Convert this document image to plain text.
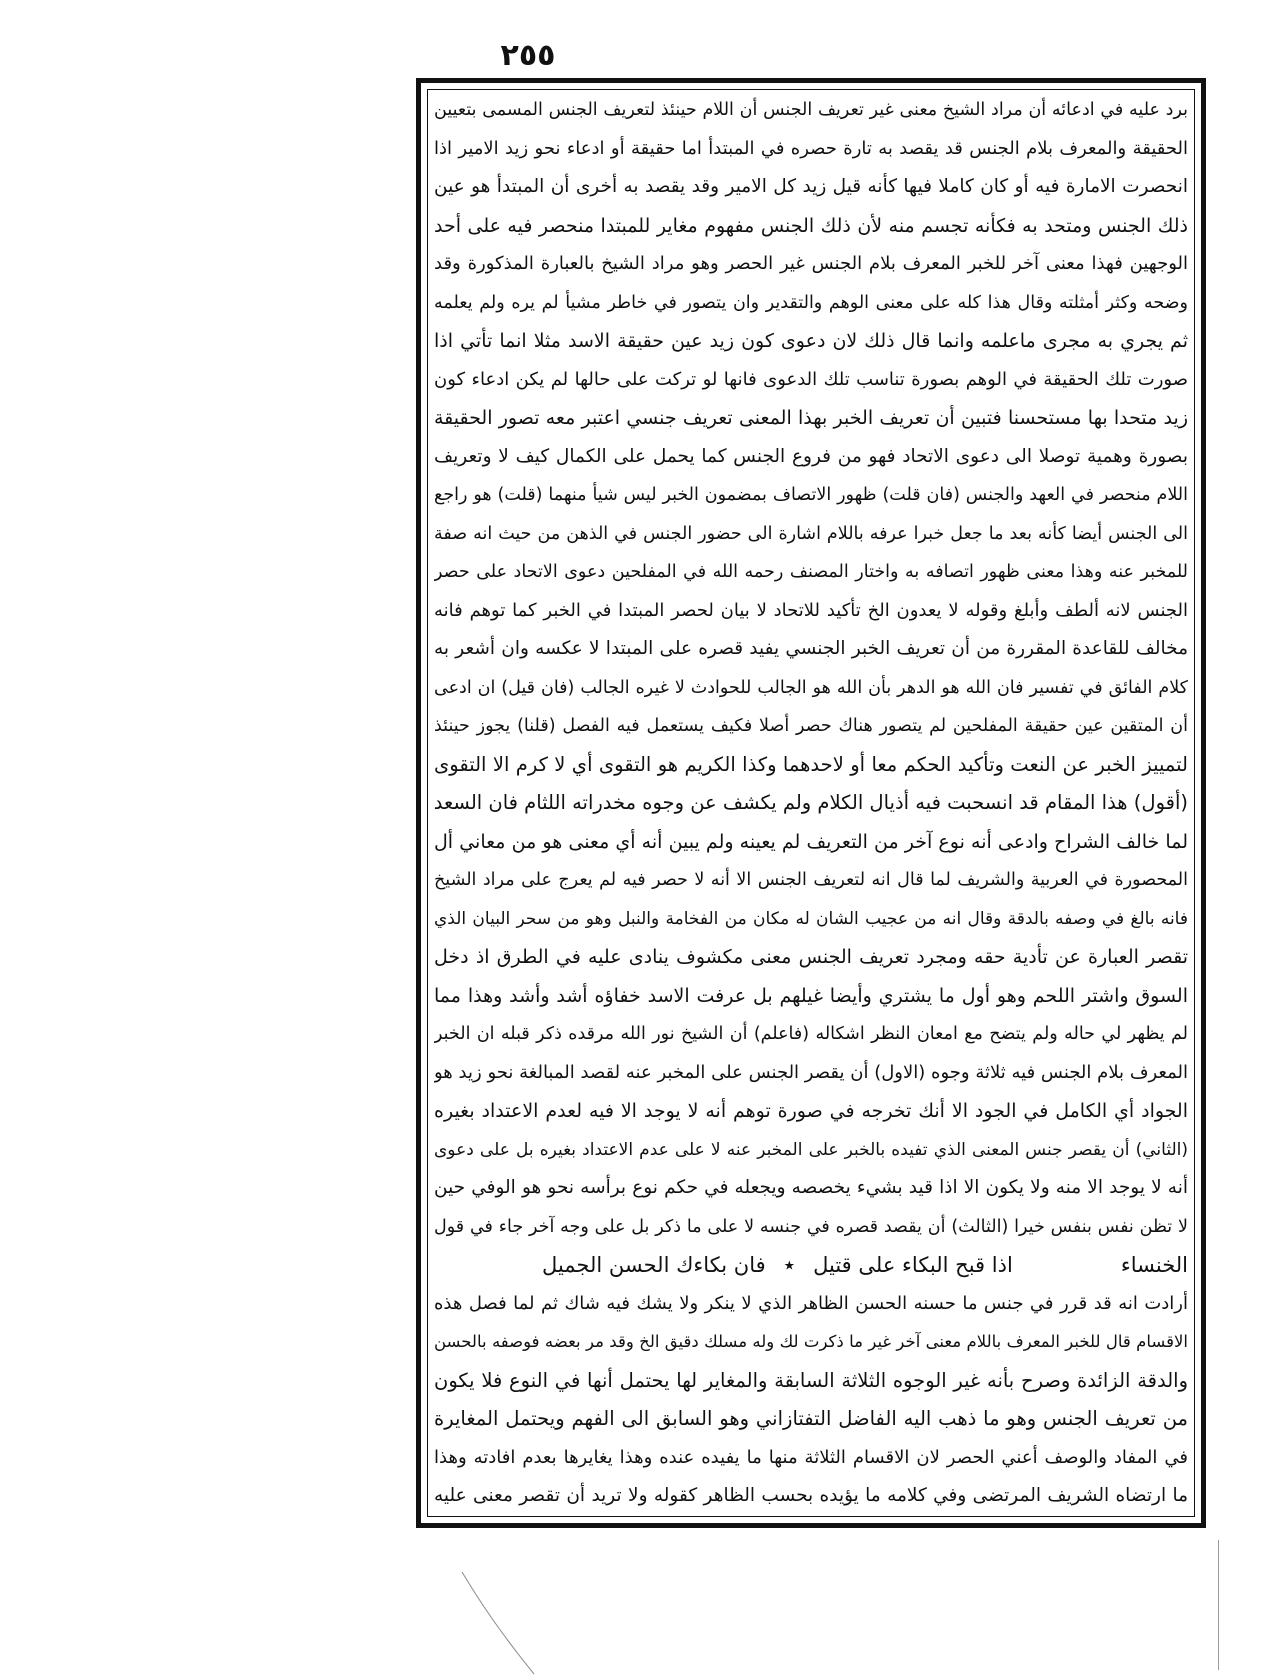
٢٥٥
برد عليه في ادعائه أن مراد الشيخ معنى غير تعريف الجنس أن اللام حينئذ لتعريف الجنس المسمى بتعيين
الحقيقة والمعرف بلام الجنس قد يقصد به تارة حصره في المبتدأ اما حقيقة أو ادعاء نحو زيد الامير اذا
انحصرت الامارة فيه أو كان كاملا فيها كأنه قيل زيد كل الامير وقد يقصد به أخرى أن المبتدأ هو عين
ذلك الجنس ومتحد به فكأنه تجسم منه لأن ذلك الجنس مفهوم مغاير للمبتدا منحصر فيه على أحد
الوجهين فهذا معنى آخر للخبر المعرف بلام الجنس غير الحصر وهو مراد الشيخ بالعبارة المذكورة وقد
وضحه وكثر أمثلته وقال هذا كله على معنى الوهم والتقدير وان يتصور في خاطر مشيأ لم يره ولم يعلمه
ثم يجري به مجرى ماعلمه وانما قال ذلك لان دعوى كون زيد عين حقيقة الاسد مثلا انما تأتي اذا
صورت تلك الحقيقة في الوهم بصورة تناسب تلك الدعوى فانها لو تركت على حالها لم يكن ادعاء كون
زيد متحدا بها مستحسنا فتبين أن تعريف الخبر بهذا المعنى تعريف جنسي اعتبر معه تصور الحقيقة
بصورة وهمية توصلا الى دعوى الاتحاد فهو من فروع الجنس كما يحمل على الكمال كيف لا وتعريف
اللام منحصر في العهد والجنس (فان قلت) ظهور الاتصاف بمضمون الخبر ليس شيأ منهما (قلت) هو راجع
الى الجنس أيضا كأنه بعد ما جعل خبرا عرفه باللام اشارة الى حضور الجنس في الذهن من حيث انه صفة
للمخبر عنه وهذا معنى ظهور اتصافه به واختار المصنف رحمه الله في المفلحين دعوى الاتحاد على حصر
الجنس لانه ألطف وأبلغ وقوله لا يعدون الخ تأكيد للاتحاد لا بيان لحصر المبتدا في الخبر كما توهم فانه
مخالف للقاعدة المقررة من أن تعريف الخبر الجنسي يفيد قصره على المبتدا لا عكسه وان أشعر به
كلام الفائق في تفسير فان الله هو الدهر بأن الله هو الجالب للحوادث لا غيره الجالب (فان قيل) ان ادعى
أن المتقين عين حقيقة المفلحين لم يتصور هناك حصر أصلا فكيف يستعمل فيه الفصل (قلنا) يجوز حينئذ
لتمييز الخبر عن النعت وتأكيد الحكم معا أو لاحدهما وكذا الكريم هو التقوى أي لا كرم الا التقوى
(أقول) هذا المقام قد انسحبت فيه أذيال الكلام ولم يكشف عن وجوه مخدراته اللثام فان السعد
لما خالف الشراح وادعى أنه نوع آخر من التعريف لم يعينه ولم يبين أنه أي معنى هو من معاني أل
المحصورة في العربية والشريف لما قال انه لتعريف الجنس الا أنه لا حصر فيه لم يعرج على مراد الشيخ
فانه بالغ في وصفه بالدقة وقال انه من عجيب الشان له مكان من الفخامة والنبل وهو من سحر البيان الذي
تقصر العبارة عن تأدية حقه ومجرد تعريف الجنس معنى مكشوف ينادى عليه في الطرق اذ دخل
السوق واشتر اللحم وهو أول ما يشتري وأيضا غيلهم بل عرفت الاسد خفاؤه أشد وأشد وهذا مما
لم يظهر لي حاله ولم يتضح مع امعان النظر اشكاله (فاعلم) أن الشيخ نور الله مرقده ذكر قبله ان الخبر
المعرف بلام الجنس فيه ثلاثة وجوه (الاول) أن يقصر الجنس على المخبر عنه لقصد المبالغة نحو زيد هو
الجواد أي الكامل في الجود الا أنك تخرجه في صورة توهم أنه لا يوجد الا فيه لعدم الاعتداد بغيره
(الثاني) أن يقصر جنس المعنى الذي تفيده بالخبر على المخبر عنه لا على عدم الاعتداد بغيره بل على دعوى
أنه لا يوجد الا منه ولا يكون الا اذا قيد بشيء يخصصه ويجعله في حكم نوع برأسه نحو هو الوفي حين
لا تظن نفس بنفس خيرا (الثالث) أن يقصد قصره في جنسه لا على ما ذكر بل على وجه آخر جاء في قول
الخنساء
اذا قبح البكاء على قتيل
٭
فان بكاءك الحسن الجميل
أرادت انه قد قرر في جنس ما حسنه الحسن الظاهر الذي لا ينكر ولا يشك فيه شاك ثم لما فصل هذه
الاقسام قال للخبر المعرف باللام معنى آخر غير ما ذكرت لك وله مسلك دقيق الخ وقد مر بعضه فوصفه بالحسن
والدقة الزائدة وصرح بأنه غير الوجوه الثلاثة السابقة والمغاير لها يحتمل أنها في النوع فلا يكون
من تعريف الجنس وهو ما ذهب اليه الفاضل التفتازاني وهو السابق الى الفهم ويحتمل المغايرة
في المفاد والوصف أعني الحصر لان الاقسام الثلاثة منها ما يفيده عنده وهذا يغايرها بعدم افادته وهذا
ما ارتضاه الشريف المرتضى وفي كلامه ما يؤيده بحسب الظاهر كقوله ولا تريد أن تقصر معنى عليه
